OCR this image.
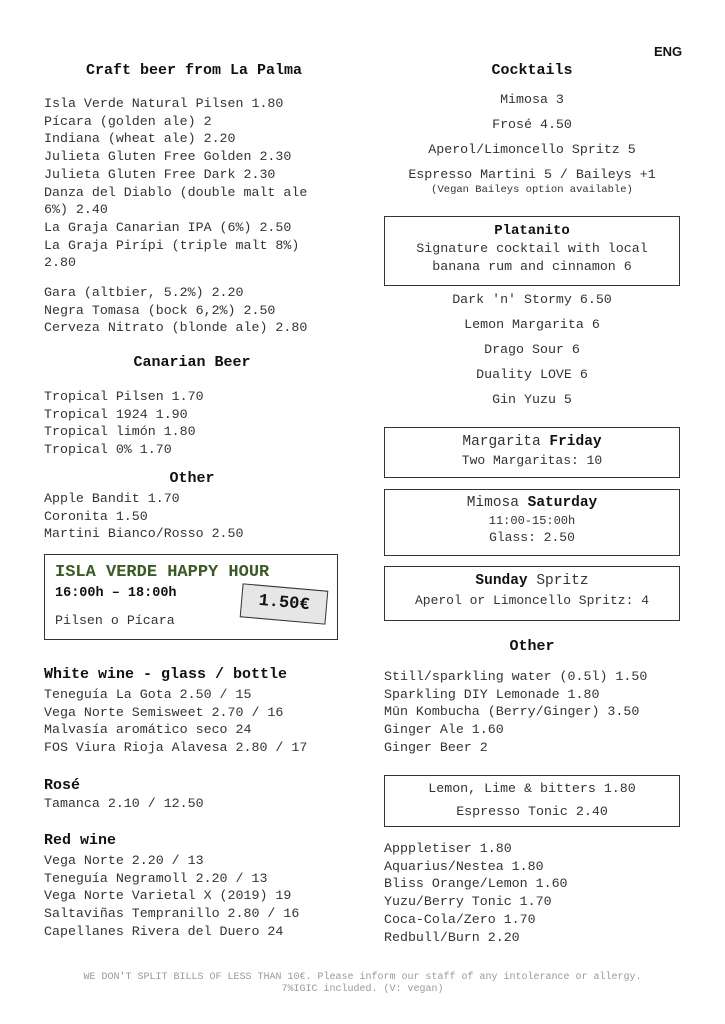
ENG
Craft beer from La Palma
Isla Verde Natural Pilsen 1.80
Pícara (golden ale) 2
Indiana (wheat ale) 2.20
Julieta Gluten Free Golden 2.30
Julieta Gluten Free Dark 2.30
Danza del Diablo (double malt ale
6%) 2.40
La Graja Canarian IPA (6%) 2.50
La Graja Pirípi (triple malt 8%)
2.80
Gara (altbier, 5.2%) 2.20
Negra Tomasa (bock 6,2%) 2.50
Cerveza Nitrato (blonde ale) 2.80
Canarian Beer
Tropical Pilsen 1.70
Tropical 1924 1.90
Tropical limón 1.80
Tropical 0% 1.70
Other
Apple Bandit 1.70
Coronita 1.50
Martini Bianco/Rosso 2.50
ISLA VERDE HAPPY HOUR
16:00h – 18:00h	1.50€
Pilsen o Pícara
White wine - glass / bottle
Teneguía La Gota 2.50 / 15
Vega Norte Semisweet 2.70 / 16
Malvasía aromático seco 24
FOS Viura Rioja Alavesa 2.80 / 17
Rosé
Tamanca 2.10 / 12.50
Red wine
Vega Norte 2.20 / 13
Teneguía Negramoll 2.20 / 13
Vega Norte Varietal X (2019) 19
Saltaviñas Tempranillo 2.80 / 16
Capellanes Rivera del Duero 24
Cocktails
Mimosa 3
Frosé 4.50
Aperol/Limoncello Spritz 5
Espresso Martini 5 / Baileys +1
(Vegan Baileys option available)
Platanito
Signature cocktail with local
banana rum and cinnamon 6
Dark 'n' Stormy 6.50
Lemon Margarita 6
Drago Sour 6
Duality LOVE 6
Gin Yuzu 5
Margarita Friday
Two Margaritas: 10
Mimosa Saturday
11:00-15:00h
Glass: 2.50
Sunday Spritz
Aperol or Limoncello Spritz: 4
Other
Still/sparkling water (0.5l) 1.50
Sparkling DIY Lemonade 1.80
Mūn Kombucha (Berry/Ginger) 3.50
Ginger Ale 1.60
Ginger Beer 2
Lemon, Lime & bitters 1.80
Espresso Tonic 2.40
Apppletiser 1.80
Aquarius/Nestea 1.80
Bliss Orange/Lemon 1.60
Yuzu/Berry Tonic 1.70
Coca-Cola/Zero 1.70
Redbull/Burn 2.20
WE DON'T SPLIT BILLS OF LESS THAN 10€. Please inform our staff of any intolerance or allergy.
7%IGIC included. (V: vegan)
